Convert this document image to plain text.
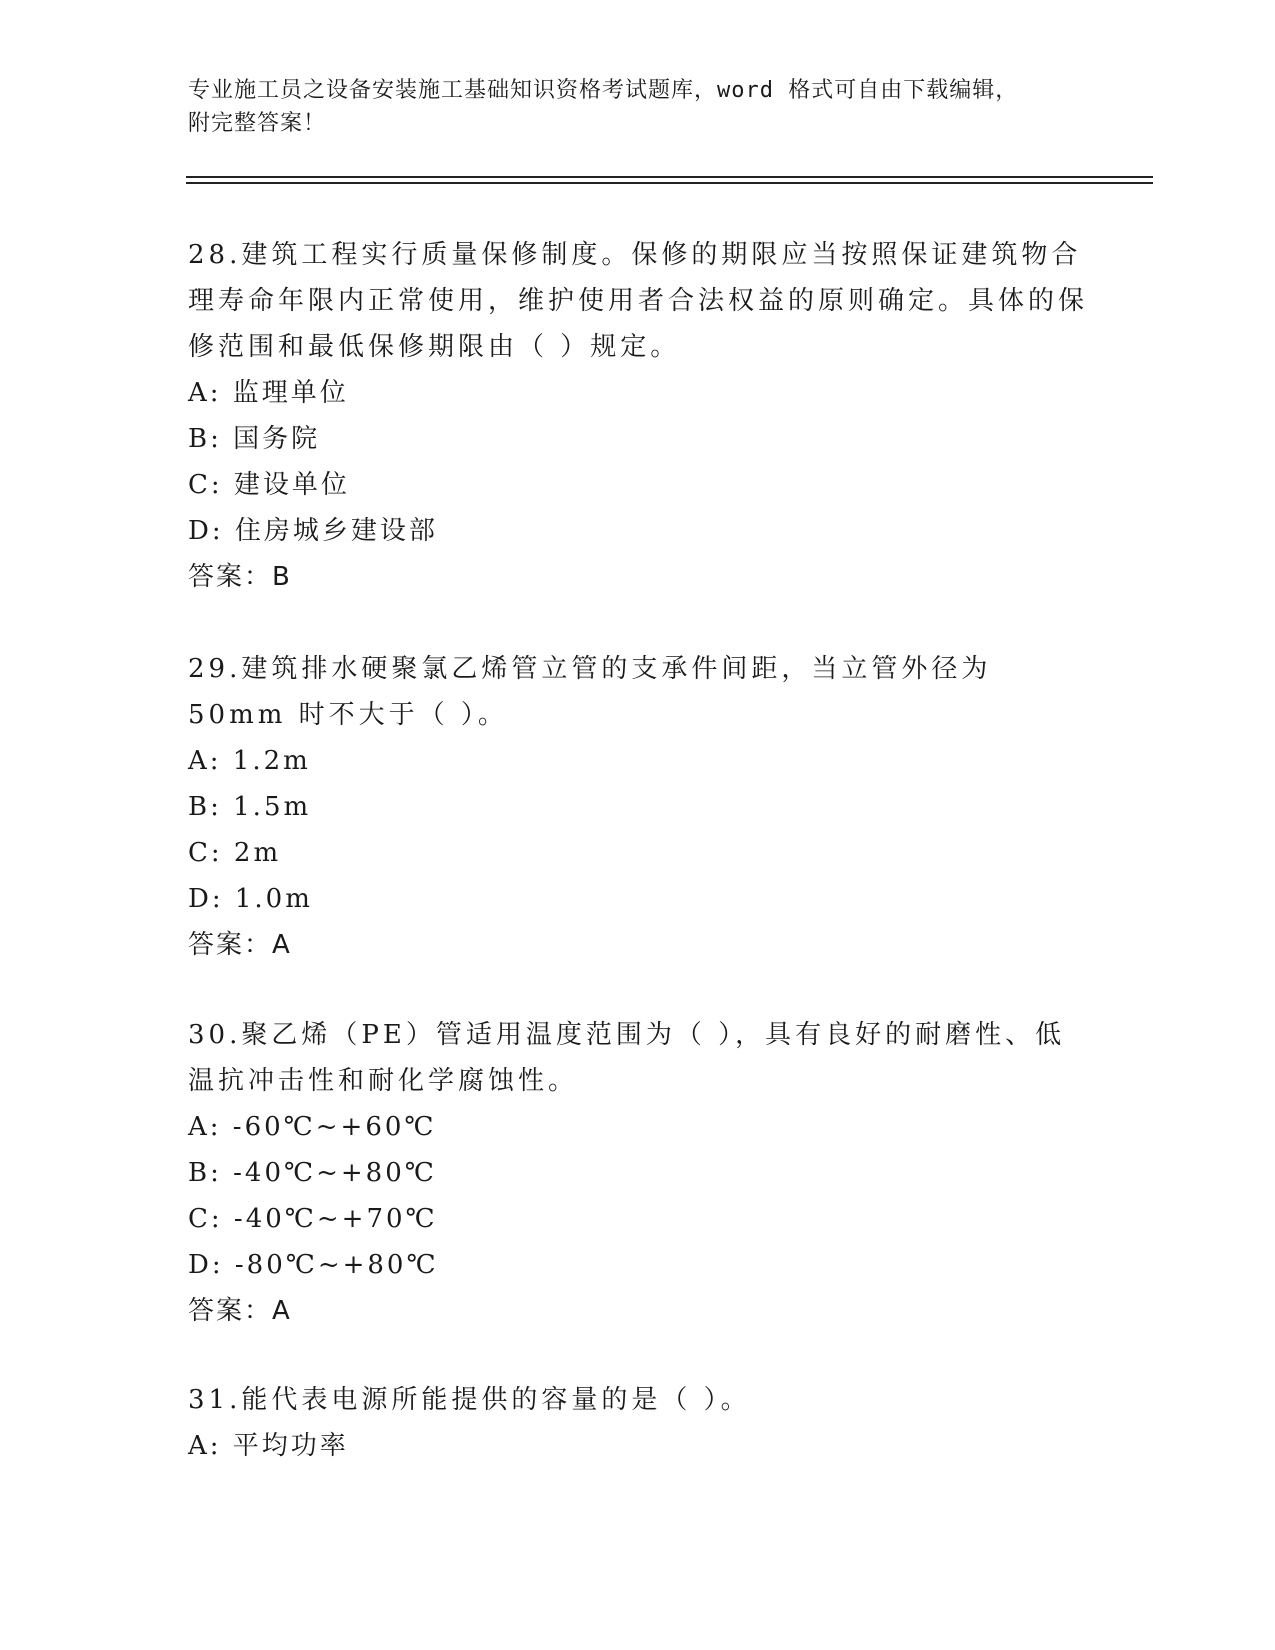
专业施工员之设备安装施工基础知识资格考试题库，word 格式可自由下载编辑，
附完整答案！

28.建筑工程实行质量保修制度。保修的期限应当按照保证建筑物合理寿命年限内正常使用，维护使用者合法权益的原则确定。具体的保修范围和最低保修期限由（ ）规定。

A: 监理单位
B: 国务院
C: 建设单位
D: 住房城乡建设部
答案：B

29.建筑排水硬聚氯乙烯管立管的支承件间距，当立管外径为 50mm 时不大于（ ）。

A: 1.2m
B: 1.5m
C: 2m
D: 1.0m
答案：A

30.聚乙烯（PE）管适用温度范围为（ ），具有良好的耐磨性、低温抗冲击性和耐化学腐蚀性。

A: -60℃~+60℃
B: -40℃~+80℃
C: -40℃~+70℃
D: -80℃~+80℃
答案：A

31.能代表电源所能提供的容量的是（ ）。

A: 平均功率
